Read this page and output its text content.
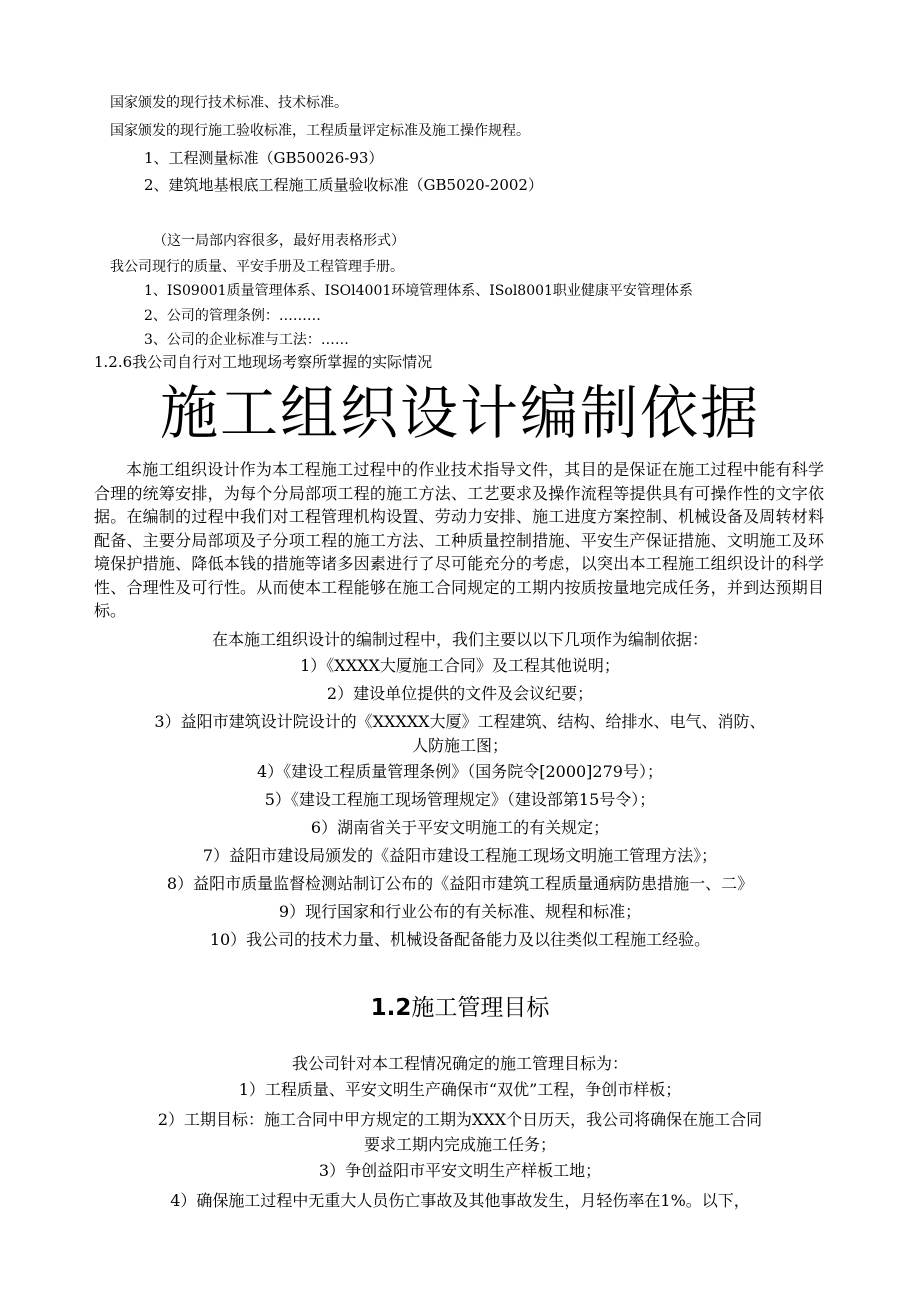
国家颁发的现行技术标准、技术标准。
国家颁发的现行施工验收标准，工程质量评定标准及施工操作规程。
1、工程测量标准（GB50026-93）
2、建筑地基根底工程施工质量验收标准（GB5020-2002）
（这一局部内容很多，最好用表格形式）
我公司现行的质量、平安手册及工程管理手册。
1、IS09001质量管理体系、ISOl4001环境管理体系、ISol8001职业健康平安管理体系
2、公司的管理条例：………
3、公司的企业标准与工法：……
1.2.6我公司自行对工地现场考察所掌握的实际情况
施工组织设计编制依据
本施工组织设计作为本工程施工过程中的作业技术指导文件，其目的是保证在施工过程中能有科学合理的统筹安排，为每个分局部项工程的施工方法、工艺要求及操作流程等提供具有可操作性的文字依据。在编制的过程中我们对工程管理机构设置、劳动力安排、施工进度方案控制、机械设备及周转材料配备、主要分局部项及子分项工程的施工方法、工种质量控制措施、平安生产保证措施、文明施工及环境保护措施、降低本钱的措施等诸多因素进行了尽可能充分的考虑，以突出本工程施工组织设计的科学性、合理性及可行性。从而使本工程能够在施工合同规定的工期内按质按量地完成任务，并到达预期目标。
在本施工组织设计的编制过程中，我们主要以以下几项作为编制依据：
1）《XXXX大厦施工合同》及工程其他说明；
2）建设单位提供的文件及会议纪要；
3）益阳市建筑设计院设计的《XXXXX大厦》工程建筑、结构、给排水、电气、消防、
人防施工图；
4）《建设工程质量管理条例》（国务院令[2000]279号）；
5）《建设工程施工现场管理规定》（建设部第15号令）；
6）湖南省关于平安文明施工的有关规定；
7）益阳市建设局颁发的《益阳市建设工程施工现场文明施工管理方法》；
8）益阳市质量监督检测站制订公布的《益阳市建筑工程质量通病防患措施一、二》
9）现行国家和行业公布的有关标准、规程和标准；
10）我公司的技术力量、机械设备配备能力及以往类似工程施工经验。
1.2施工管理目标
我公司针对本工程情况确定的施工管理目标为：
1）工程质量、平安文明生产确保市“双优”工程，争创市样板；
2）工期目标：施工合同中甲方规定的工期为XXX个日历天，我公司将确保在施工合同
要求工期内完成施工任务；
3）争创益阳市平安文明生产样板工地；
4）确保施工过程中无重大人员伤亡事故及其他事故发生，月轻伤率在1%。以下，
